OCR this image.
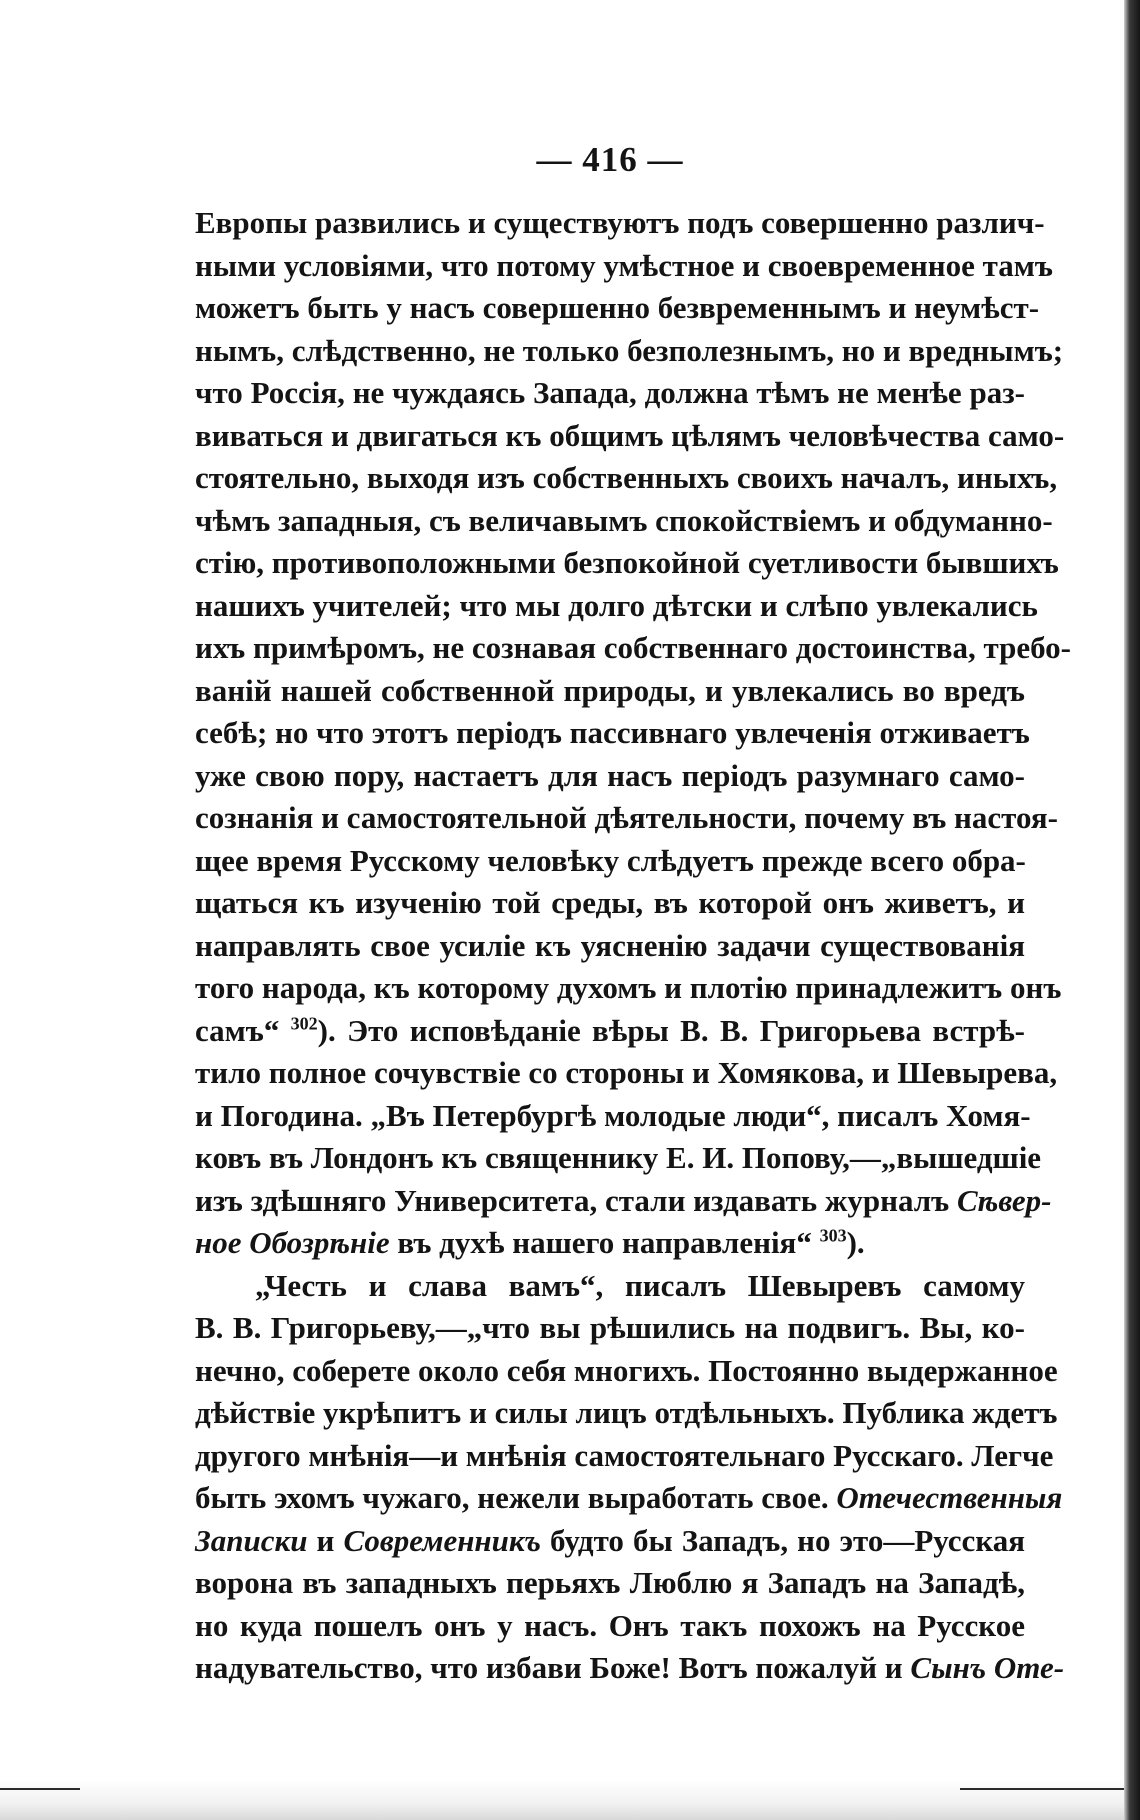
— 416 —
Европы развились и существуютъ подъ совершенно различ-
ными условіями, что потому умѣстное и своевременное тамъ
можетъ быть у насъ совершенно безвременнымъ и неумѣст-
нымъ, слѣдственно, не только безполезнымъ, но и вреднымъ;
что Россія, не чуждаясь Запада, должна тѣмъ не менѣе раз-
виваться и двигаться къ общимъ цѣлямъ человѣчества само-
стоятельно, выходя изъ собственныхъ своихъ началъ, иныхъ,
чѣмъ западныя, съ величавымъ спокойствіемъ и обдуманно-
стію, противоположными безпокойной суетливости бывшихъ
нашихъ учителей; что мы долго дѣтски и слѣпо увлекались
ихъ примѣромъ, не сознавая собственнаго достоинства, требо-
ваній нашей собственной природы, и увлекались во вредъ
себѣ; но что этотъ періодъ пассивнаго увлеченія отживаетъ
уже свою пору, настаетъ для насъ періодъ разумнаго само-
сознанія и самостоятельной дѣятельности, почему въ настоя-
щее время Русскому человѣку слѣдуетъ прежде всего обра-
щаться къ изученію той среды, въ которой онъ живетъ, и
направлять свое усиліе къ уясненію задачи существованія
того народа, къ которому духомъ и плотію принадлежитъ онъ
самъ“ $^{302}$). Это исповѣданіе вѣры В. В. Григорьева встрѣ-
тило полное сочувствіе со стороны и Хомякова, и Шевырева,
и Погодина. „Въ Петербургѣ молодые люди“, писалъ Хомя-
ковъ въ Лондонъ къ священнику Е. И. Попову,—„вышедшіе
изъ здѣшняго Университета, стали издавать журналъ Сѣвер-
ное Обозрѣніе въ духѣ нашего направленія“ $^{303}$).
„Честь и слава вамъ“, писалъ Шевыревъ самому
В. В. Григорьеву,—„что вы рѣшились на подвигъ. Вы, ко-
нечно, соберете около себя многихъ. Постоянно выдержанное
дѣйствіе укрѣпитъ и силы лицъ отдѣльныхъ. Публика ждетъ
другого мнѣнія—и мнѣнія самостоятельнаго Русскаго. Легче
быть эхомъ чужаго, нежели выработать свое. Отечественныя
Записки и Современникъ будто бы Западъ, но это—Русская
ворона въ западныхъ перьяхъ Люблю я Западъ на Западѣ,
но куда пошелъ онъ у насъ. Онъ такъ похожъ на Русское
надувательство, что избави Боже! Вотъ пожалуй и Сынъ Оте-
